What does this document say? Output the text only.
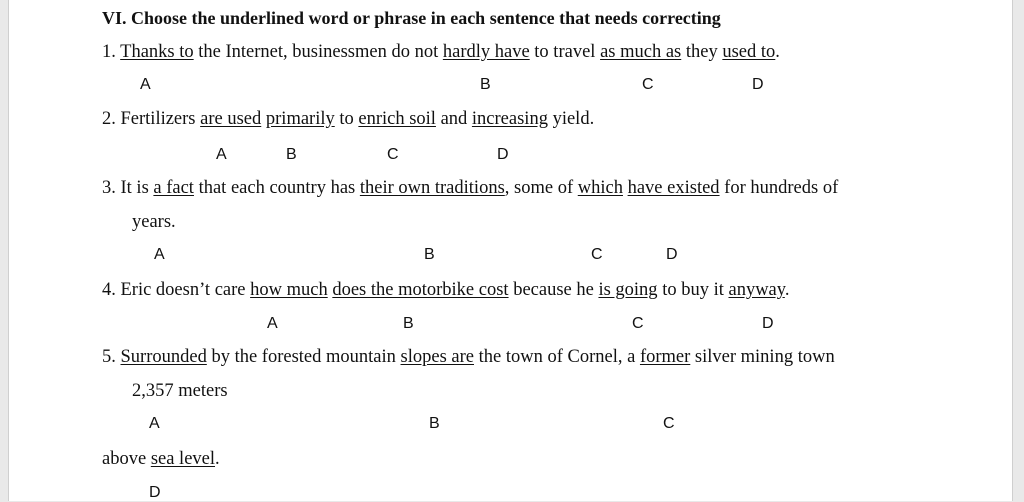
VI. Choose the underlined word or phrase in each sentence that needs correcting
1. Thanks to the Internet, businessmen do not hardly have to travel as much as they used to.
A	B	C	D
2. Fertilizers are used primarily to enrich soil and increasing yield.
A	B	C	D
3. It is a fact that each country has their own traditions, some of which have existed for hundreds of
years.
A	B	C	D
4. Eric doesn’t care how much does the motorbike cost because he is going to buy it anyway.
A	B	C	D
5. Surrounded by the forested mountain slopes are the town of Cornel, a former silver mining town
2,357 meters
A	B	C
above sea level.
D
